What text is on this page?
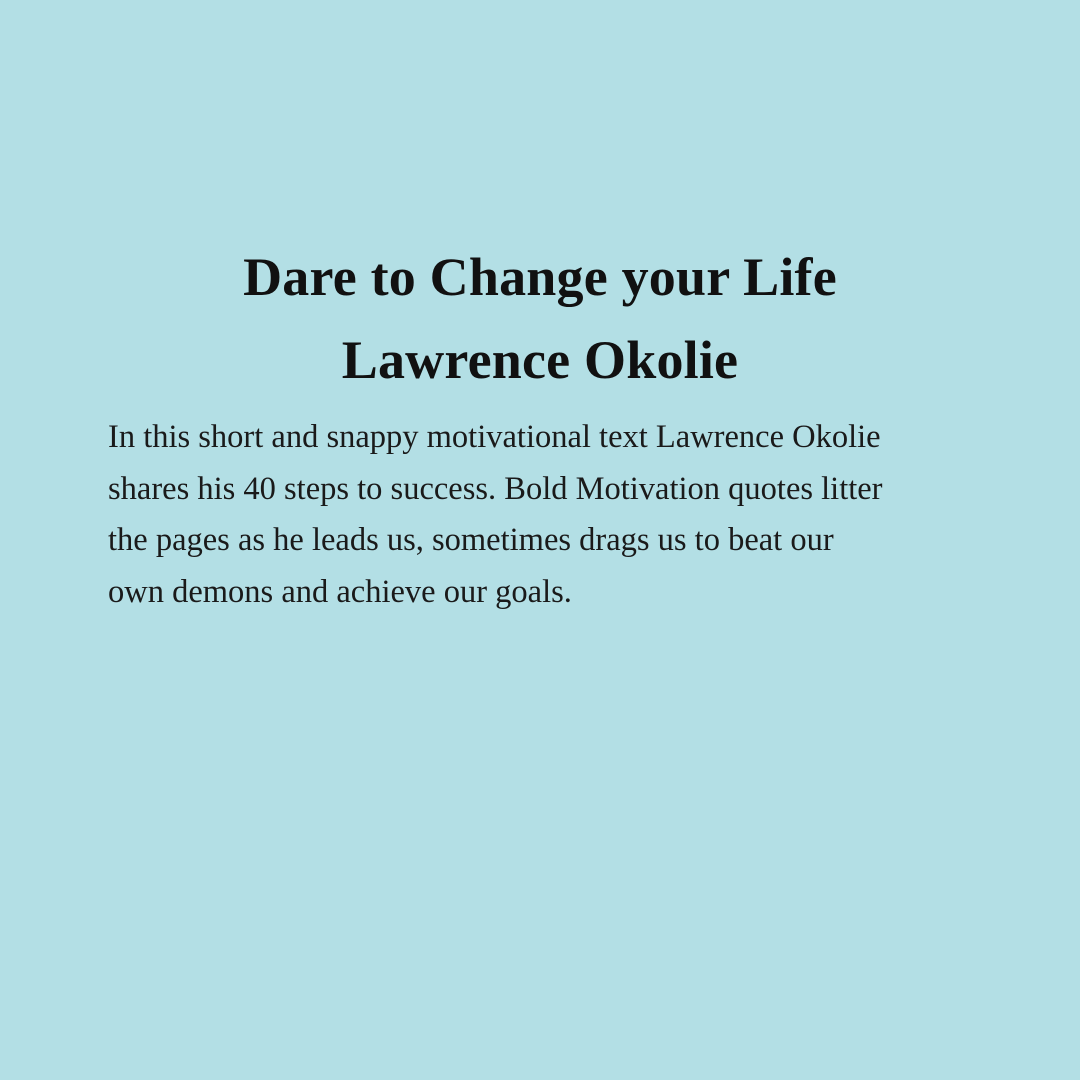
Dare to Change your Life
Lawrence Okolie

In this short and snappy motivational text Lawrence Okolie
shares his 40 steps to success. Bold Motivation quotes litter
the pages as he leads us, sometimes drags us to beat our
own demons and achieve our goals.
